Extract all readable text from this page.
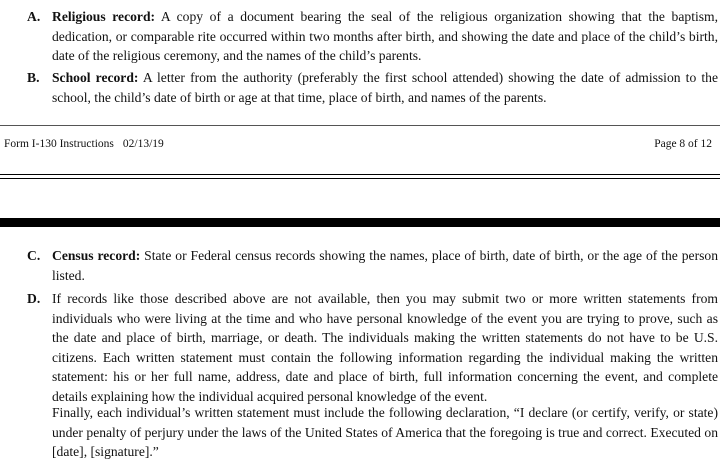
A. Religious record: A copy of a document bearing the seal of the religious organization showing that the baptism, dedication, or comparable rite occurred within two months after birth, and showing the date and place of the child’s birth, date of the religious ceremony, and the names of the child’s parents.
B. School record: A letter from the authority (preferably the first school attended) showing the date of admission to the school, the child’s date of birth or age at that time, place of birth, and names of the parents.
Form I-130 Instructions 02/13/19	Page 8 of 12
C. Census record: State or Federal census records showing the names, place of birth, date of birth, or the age of the person listed.
D. If records like those described above are not available, then you may submit two or more written statements from individuals who were living at the time and who have personal knowledge of the event you are trying to prove, such as the date and place of birth, marriage, or death. The individuals making the written statements do not have to be U.S. citizens. Each written statement must contain the following information regarding the individual making the written statement: his or her full name, address, date and place of birth, full information concerning the event, and complete details explaining how the individual acquired personal knowledge of the event.
Finally, each individual’s written statement must include the following declaration, “I declare (or certify, verify, or state) under penalty of perjury under the laws of the United States of America that the foregoing is true and correct. Executed on [date], [signature].”
